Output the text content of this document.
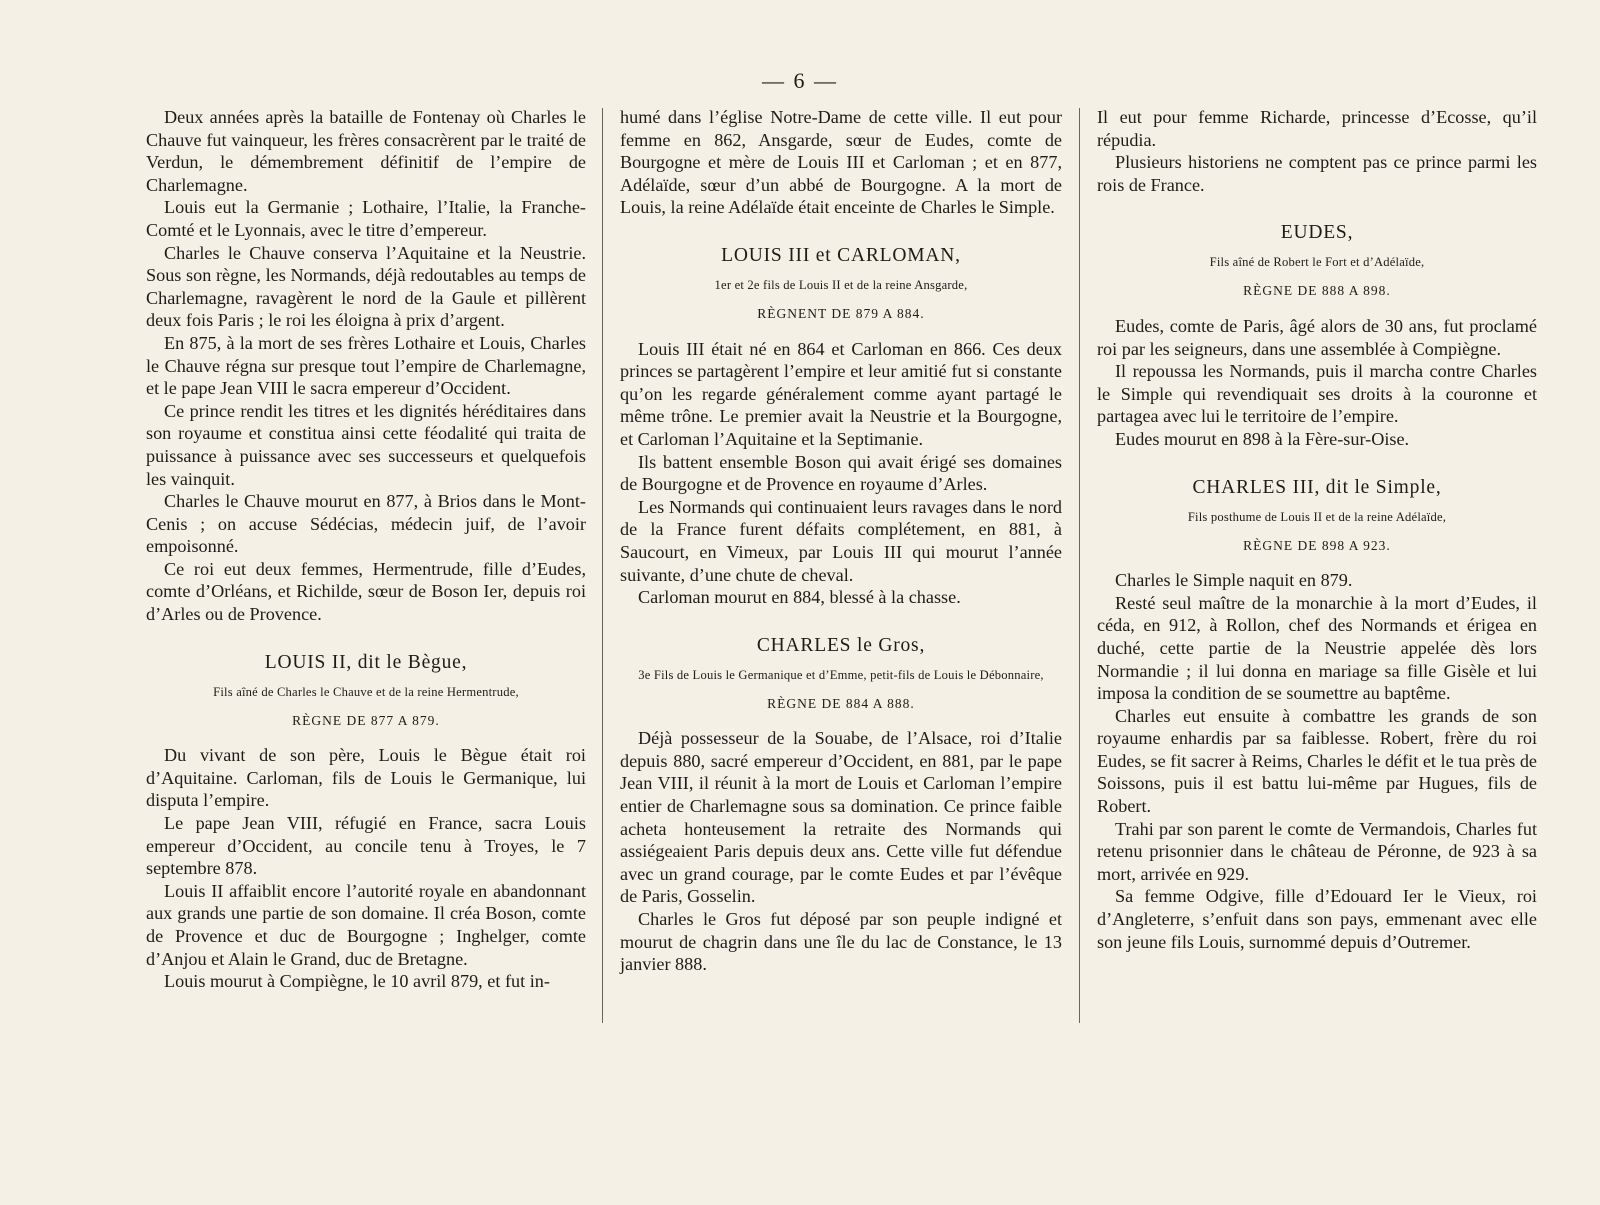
— 6 —

Deux années après la bataille de Fontenay où Charles le Chauve fut vainqueur, les frères consacrèrent par le traité de Verdun, le démembrement définitif de l’empire de Charlemagne.

Louis eut la Germanie ; Lothaire, l’Italie, la Franche-Comté et le Lyonnais, avec le titre d’empereur.

Charles le Chauve conserva l’Aquitaine et la Neustrie. Sous son règne, les Normands, déjà redoutables au temps de Charlemagne, ravagèrent le nord de la Gaule et pillèrent deux fois Paris ; le roi les éloigna à prix d’argent.

En 875, à la mort de ses frères Lothaire et Louis, Charles le Chauve régna sur presque tout l’empire de Charlemagne, et le pape Jean VIII le sacra empereur d’Occident.

Ce prince rendit les titres et les dignités héréditaires dans son royaume et constitua ainsi cette féodalité qui traita de puissance à puissance avec ses successeurs et quelquefois les vainquit.

Charles le Chauve mourut en 877, à Brios dans le Mont-Cenis ; on accuse Sédécias, médecin juif, de l’avoir empoisonné.

Ce roi eut deux femmes, Hermentrude, fille d’Eudes, comte d’Orléans, et Richilde, sœur de Boson Ier, depuis roi d’Arles ou de Provence.

LOUIS II, dit le Bègue,
Fils aîné de Charles le Chauve et de la reine Hermentrude,
RÈGNE DE 877 A 879.

Du vivant de son père, Louis le Bègue était roi d’Aquitaine. Carloman, fils de Louis le Germanique, lui disputa l’empire.

Le pape Jean VIII, réfugié en France, sacra Louis empereur d’Occident, au concile tenu à Troyes, le 7 septembre 878.

Louis II affaiblit encore l’autorité royale en abandonnant aux grands une partie de son domaine. Il créa Boson, comte de Provence et duc de Bourgogne ; Inghelger, comte d’Anjou et Alain le Grand, duc de Bretagne.

Louis mourut à Compiègne, le 10 avril 879, et fut in-

humé dans l’église Notre-Dame de cette ville. Il eut pour femme en 862, Ansgarde, sœur de Eudes, comte de Bourgogne et mère de Louis III et Carloman ; et en 877, Adélaïde, sœur d’un abbé de Bourgogne. A la mort de Louis, la reine Adélaïde était enceinte de Charles le Simple.

LOUIS III et CARLOMAN,
1er et 2e fils de Louis II et de la reine Ansgarde,
RÈGNENT DE 879 A 884.

Louis III était né en 864 et Carloman en 866. Ces deux princes se partagèrent l’empire et leur amitié fut si constante qu’on les regarde généralement comme ayant partagé le même trône. Le premier avait la Neustrie et la Bourgogne, et Carloman l’Aquitaine et la Septimanie.

Ils battent ensemble Boson qui avait érigé ses domaines de Bourgogne et de Provence en royaume d’Arles.

Les Normands qui continuaient leurs ravages dans le nord de la France furent défaits complétement, en 881, à Saucourt, en Vimeux, par Louis III qui mourut l’année suivante, d’une chute de cheval.

Carloman mourut en 884, blessé à la chasse.

CHARLES le Gros,
3e Fils de Louis le Germanique et d’Emme, petit-fils de Louis le Débonnaire,
RÈGNE DE 884 A 888.

Déjà possesseur de la Souabe, de l’Alsace, roi d’Italie depuis 880, sacré empereur d’Occident, en 881, par le pape Jean VIII, il réunit à la mort de Louis et Carloman l’empire entier de Charlemagne sous sa domination. Ce prince faible acheta honteusement la retraite des Normands qui assiégeaient Paris depuis deux ans. Cette ville fut défendue avec un grand courage, par le comte Eudes et par l’évêque de Paris, Gosselin.

Charles le Gros fut déposé par son peuple indigné et mourut de chagrin dans une île du lac de Constance, le 13 janvier 888.

Il eut pour femme Richarde, princesse d’Ecosse, qu’il répudia.

Plusieurs historiens ne comptent pas ce prince parmi les rois de France.

EUDES,
Fils aîné de Robert le Fort et d’Adélaïde,
RÈGNE DE 888 A 898.

Eudes, comte de Paris, âgé alors de 30 ans, fut proclamé roi par les seigneurs, dans une assemblée à Compiègne.

Il repoussa les Normands, puis il marcha contre Charles le Simple qui revendiquait ses droits à la couronne et partagea avec lui le territoire de l’empire.

Eudes mourut en 898 à la Fère-sur-Oise.

CHARLES III, dit le Simple,
Fils posthume de Louis II et de la reine Adélaïde,
RÈGNE DE 898 A 923.

Charles le Simple naquit en 879.

Resté seul maître de la monarchie à la mort d’Eudes, il céda, en 912, à Rollon, chef des Normands et érigea en duché, cette partie de la Neustrie appelée dès lors Normandie ; il lui donna en mariage sa fille Gisèle et lui imposa la condition de se soumettre au baptême.

Charles eut ensuite à combattre les grands de son royaume enhardis par sa faiblesse. Robert, frère du roi Eudes, se fit sacrer à Reims, Charles le défit et le tua près de Soissons, puis il est battu lui-même par Hugues, fils de Robert.

Trahi par son parent le comte de Vermandois, Charles fut retenu prisonnier dans le château de Péronne, de 923 à sa mort, arrivée en 929.

Sa femme Odgive, fille d’Edouard Ier le Vieux, roi d’Angleterre, s’enfuit dans son pays, emmenant avec elle son jeune fils Louis, surnommé depuis d’Outremer.
